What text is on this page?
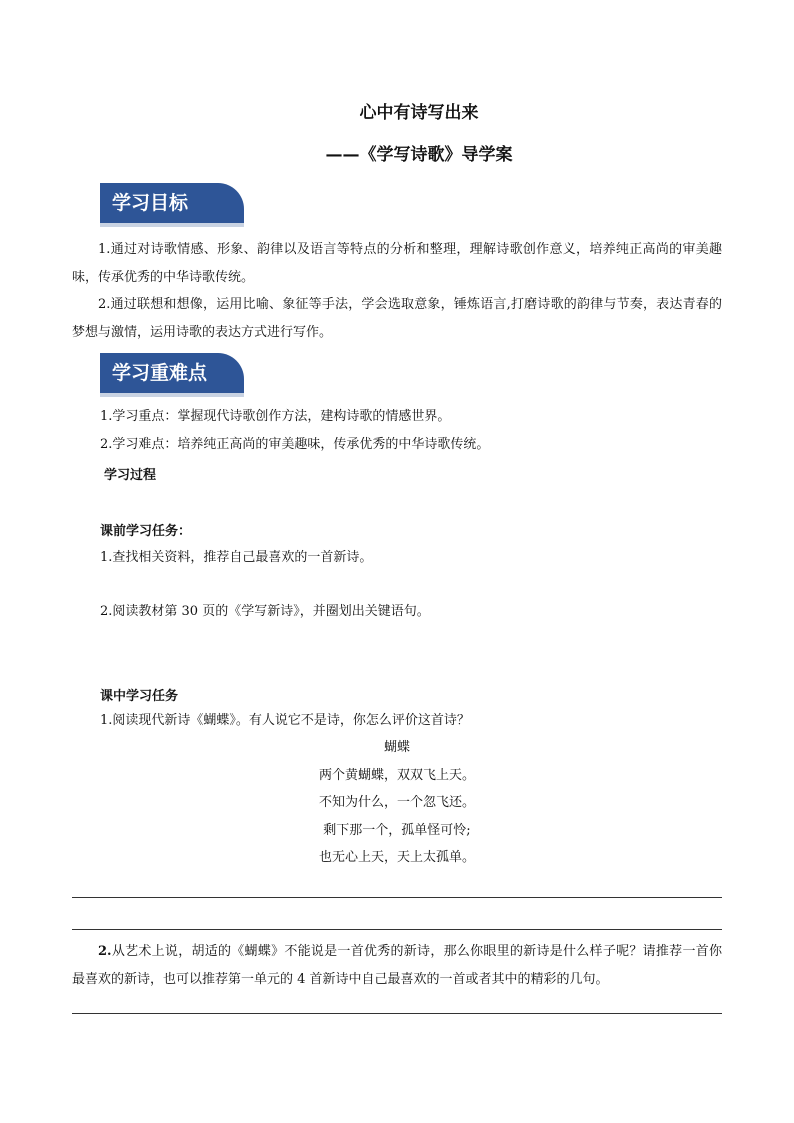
心中有诗写出来
——《学写诗歌》导学案
学习目标
1.通过对诗歌情感、形象、韵律以及语言等特点的分析和整理，理解诗歌创作意义，培养纯正高尚的审美趣味，传承优秀的中华诗歌传统。
2.通过联想和想像，运用比喻、象征等手法，学会选取意象，锤炼语言,打磨诗歌的韵律与节奏，表达青春的梦想与激情，运用诗歌的表达方式进行写作。
学习重难点
1.学习重点：掌握现代诗歌创作方法，建构诗歌的情感世界。
2.学习难点：培养纯正高尚的审美趣味，传承优秀的中华诗歌传统。
学习过程
课前学习任务：
1.查找相关资料，推荐自己最喜欢的一首新诗。
2.阅读教材第 30 页的《学写新诗》，并圈划出关键语句。
课中学习任务
1.阅读现代新诗《蝴蝶》。有人说它不是诗，你怎么评价这首诗？
蝴蝶
两个黄蝴蝶，双双飞上天。
不知为什么，一个忽飞还。
剩下那一个，孤单怪可怜;
也无心上天，天上太孤单。
2.从艺术上说，胡适的《蝴蝶》不能说是一首优秀的新诗，那么你眼里的新诗是什么样子呢？请推荐一首你最喜欢的新诗，也可以推荐第一单元的 4 首新诗中自己最喜欢的一首或者其中的精彩的几句。
